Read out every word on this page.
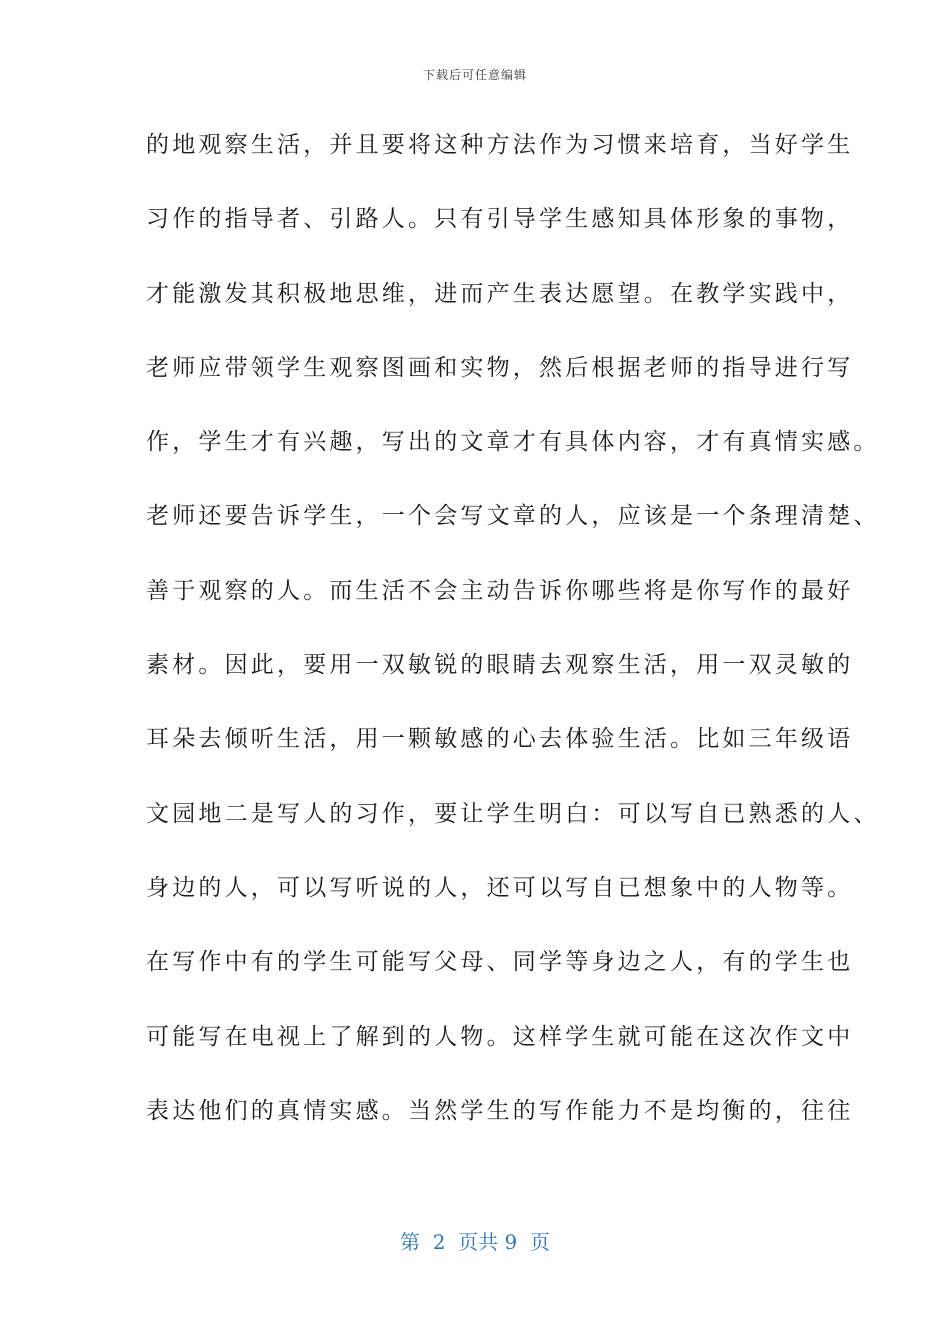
下载后可任意编辑
的地观察生活，并且要将这种方法作为习惯来培育，当好学生
习作的指导者、引路人。只有引导学生感知具体形象的事物，
才能激发其积极地思维，进而产生表达愿望。在教学实践中，
老师应带领学生观察图画和实物，然后根据老师的指导进行写
作，学生才有兴趣，写出的文章才有具体内容，才有真情实感。
老师还要告诉学生，一个会写文章的人，应该是一个条理清楚、
善于观察的人。而生活不会主动告诉你哪些将是你写作的最好
素材。因此，要用一双敏锐的眼睛去观察生活，用一双灵敏的
耳朵去倾听生活，用一颗敏感的心去体验生活。比如三年级语
文园地二是写人的习作，要让学生明白：可以写自已熟悉的人、
身边的人，可以写听说的人，还可以写自已想象中的人物等。
在写作中有的学生可能写父母、同学等身边之人，有的学生也
可能写在电视上了解到的人物。这样学生就可能在这次作文中
表达他们的真情实感。当然学生的写作能力不是均衡的，往往
第  2  页共 9  页
